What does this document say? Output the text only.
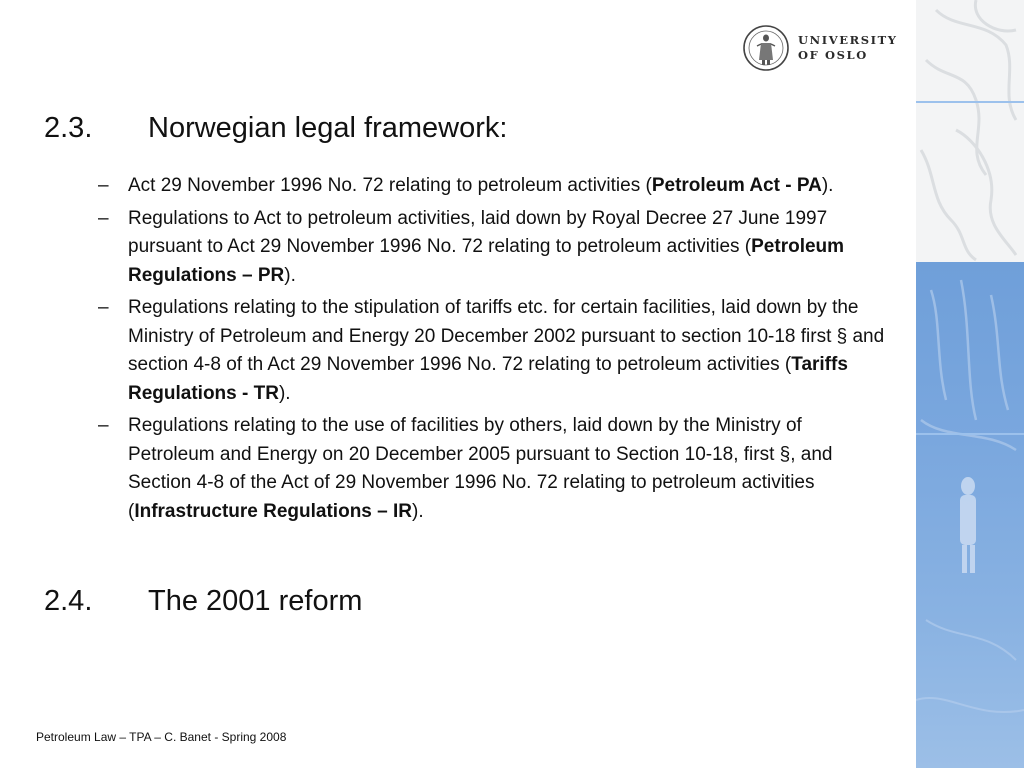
UNIVERSITY
OF OSLO
2.3. Norwegian legal framework:
– Act 29 November 1996 No. 72 relating to petroleum activities (Petroleum Act - PA).
– Regulations to Act to petroleum activities, laid down by Royal Decree 27 June 1997 pursuant to Act 29 November 1996 No. 72 relating to petroleum activities (Petroleum Regulations – PR).
– Regulations relating to the stipulation of tariffs etc. for certain facilities, laid down by the Ministry of Petroleum and Energy 20 December 2002 pursuant to section 10-18 first § and section 4-8 of th Act 29 November 1996 No. 72 relating to petroleum activities (Tariffs Regulations - TR).
– Regulations relating to the use of facilities by others, laid down by the Ministry of Petroleum and Energy on 20 December 2005 pursuant to Section 10-18, first §, and Section 4-8 of the Act of 29 November 1996 No. 72 relating to petroleum activities (Infrastructure Regulations – IR).
2.4. The 2001 reform
Petroleum Law – TPA – C. Banet - Spring 2008
